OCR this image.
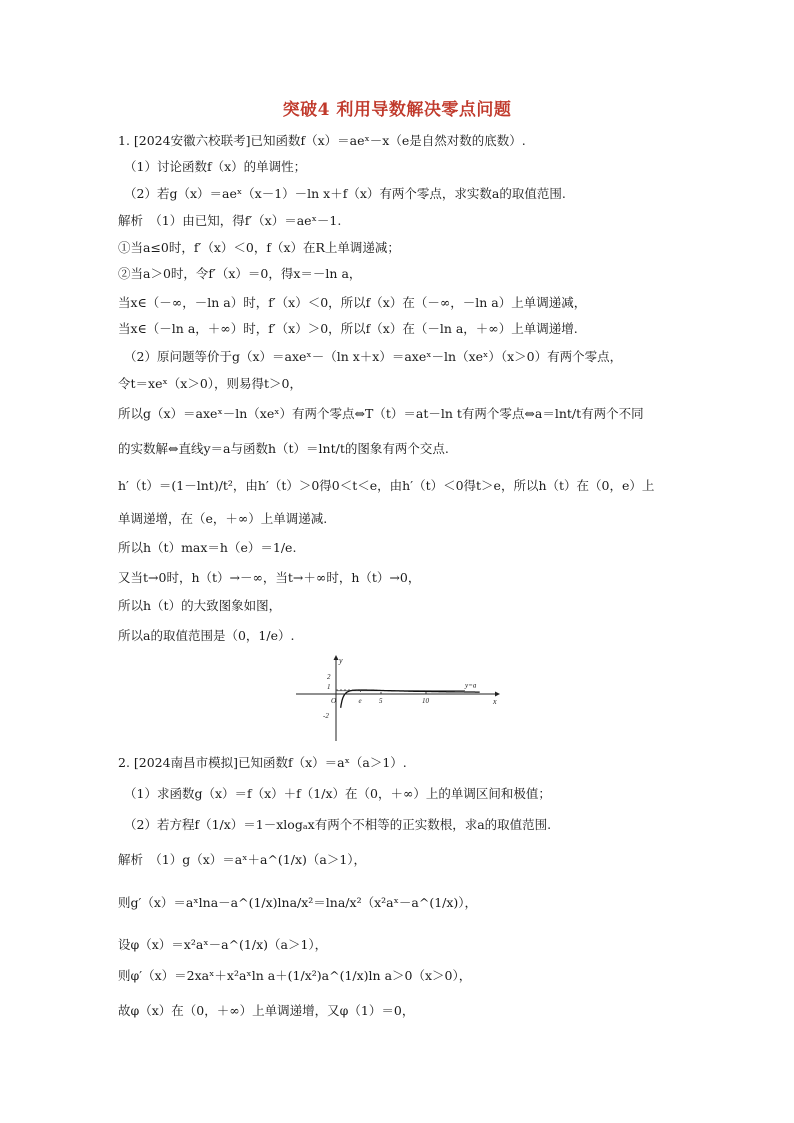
突破4 利用导数解决零点问题
1. [2024安徽六校联考]已知函数f（x）＝aeˣ－x（e是自然对数的底数）.
（1）讨论函数f（x）的单调性；
（2）若g（x）＝aeˣ（x－1）－ln x＋f（x）有两个零点，求实数a的取值范围.
解析　（1）由已知，得f′（x）＝aeˣ－1.
①当a≤0时，f′（x）＜0，f（x）在R上单调递减；
②当a＞0时，令f′（x）＝0，得x＝－ln a，
当x∈（－∞，－ln a）时，f′（x）＜0，所以f（x）在（－∞，－ln a）上单调递减，
当x∈（－ln a，＋∞）时，f′（x）＞0，所以f（x）在（－ln a，＋∞）上单调递增.
（2）原问题等价于g（x）＝axeˣ－（ln x＋x）＝axeˣ－ln（xeˣ）（x＞0）有两个零点，
令t＝xeˣ（x＞0），则易得t＞0，
所以g（x）＝axeˣ－ln（xeˣ）有两个零点⇔T（t）＝at－ln t有两个零点⇔a＝lnt/t有两个不同
的实数解⇔直线y＝a与函数h（t）＝lnt/t的图象有两个交点.
h′（t）＝(1－lnt)/t²，由h′（t）＞0得0＜t＜e，由h′（t）＜0得t＞e，所以h（t）在（0，e）上
单调递增，在（e，＋∞）上单调递减.
所以h（t）max＝h（e）＝1/e.
又当t→0时，h（t）→－∞，当t→＋∞时，h（t）→0，
所以h（t）的大致图象如图，
所以a的取值范围是（0，1/e）.
2. [2024南昌市模拟]已知函数f（x）＝aˣ（a＞1）.
（1）求函数g（x）＝f（x）＋f（1/x）在（0，＋∞）上的单调区间和极值；
（2）若方程f（1/x）＝1－xlogₐx有两个不相等的正实数根，求a的取值范围.
解析　（1）g（x）＝aˣ＋a^(1/x)（a＞1），
则g′（x）＝aˣlna－a^(1/x)lna/x²＝lna/x²（x²aˣ－a^(1/x)），
设φ（x）＝x²aˣ－a^(1/x)（a＞1），
则φ′（x）＝2xaˣ＋x²aˣln a＋(1/x²)a^(1/x)ln a＞0（x＞0），
故φ（x）在（0，＋∞）上单调递增，又φ（1）＝0，
y
x
O
2
1
-2
e 5	10
y=a
